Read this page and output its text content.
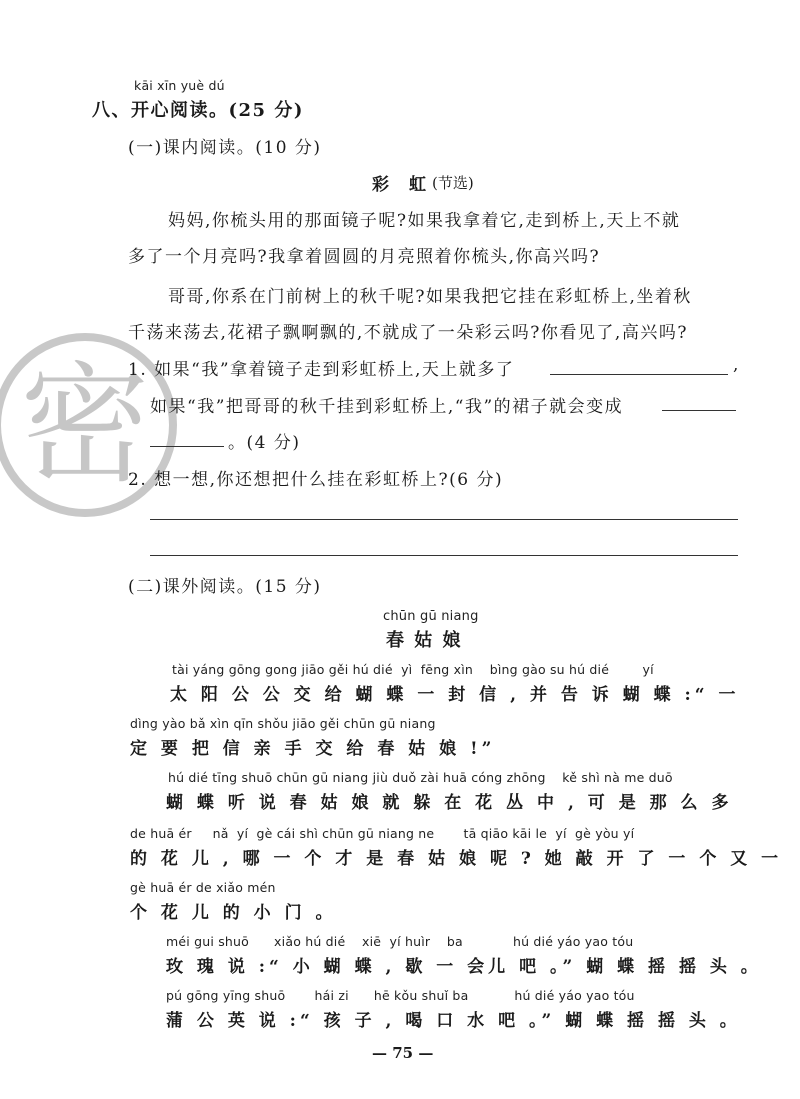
密
kāi xīn yuè dú
八、开心阅读。(25 分)
(一)课内阅读。(10 分)
彩　虹 (节选)
妈妈,你梳头用的那面镜子呢?如果我拿着它,走到桥上,天上不就
多了一个月亮吗?我拿着圆圆的月亮照着你梳头,你高兴吗?
哥哥,你系在门前树上的秋千呢?如果我把它挂在彩虹桥上,坐着秋
千荡来荡去,花裙子飘啊飘的,不就成了一朵彩云吗?你看见了,高兴吗?
1. 如果“我”拿着镜子走到彩虹桥上,天上就多了	,
如果“我”把哥哥的秋千挂到彩虹桥上,“我”的裙子就会变成
。(4 分)
2. 想一想,你还想把什么挂在彩虹桥上?(6 分)
(二)课外阅读。(15 分)
chūn gū niang
春 姑 娘
tài yáng gōng gong jiāo gěi hú dié  yì  fēng xìn    bìng gào su hú dié        yí
太 阳 公 公 交 给 蝴 蝶 一 封 信 , 并 告 诉 蝴 蝶 :“ 一
dìng yào bǎ xìn qīn shǒu jiāo gěi chūn gū niang
定 要 把 信 亲 手 交 给 春 姑 娘 !”
hú dié tīng shuō chūn gū niang jiù duǒ zài huā cóng zhōng    kě shì nà me duō
蝴 蝶 听 说 春 姑 娘 就 躲 在 花 丛 中 , 可 是 那 么 多
de huā ér     nǎ  yí  gè cái shì chūn gū niang ne       tā qiāo kāi le  yí  gè yòu yí
的 花 儿 , 哪 一 个 才 是 春 姑 娘 呢 ? 她 敲 开 了 一 个 又 一
gè huā ér de xiǎo mén
个 花 儿 的 小 门 。
méi gui shuō      xiǎo hú dié    xiē  yí huìr    ba            hú dié yáo yao tóu
玫 瑰 说 :“ 小 蝴 蝶 , 歇 一 会儿 吧 。” 蝴 蝶 摇 摇 头 。
pú gōng yīng shuō       hái zi      hē kǒu shuǐ ba           hú dié yáo yao tóu
蒲 公 英 说 :“ 孩 子 , 喝 口 水 吧 。” 蝴 蝶 摇 摇 头 。
— 75 —
